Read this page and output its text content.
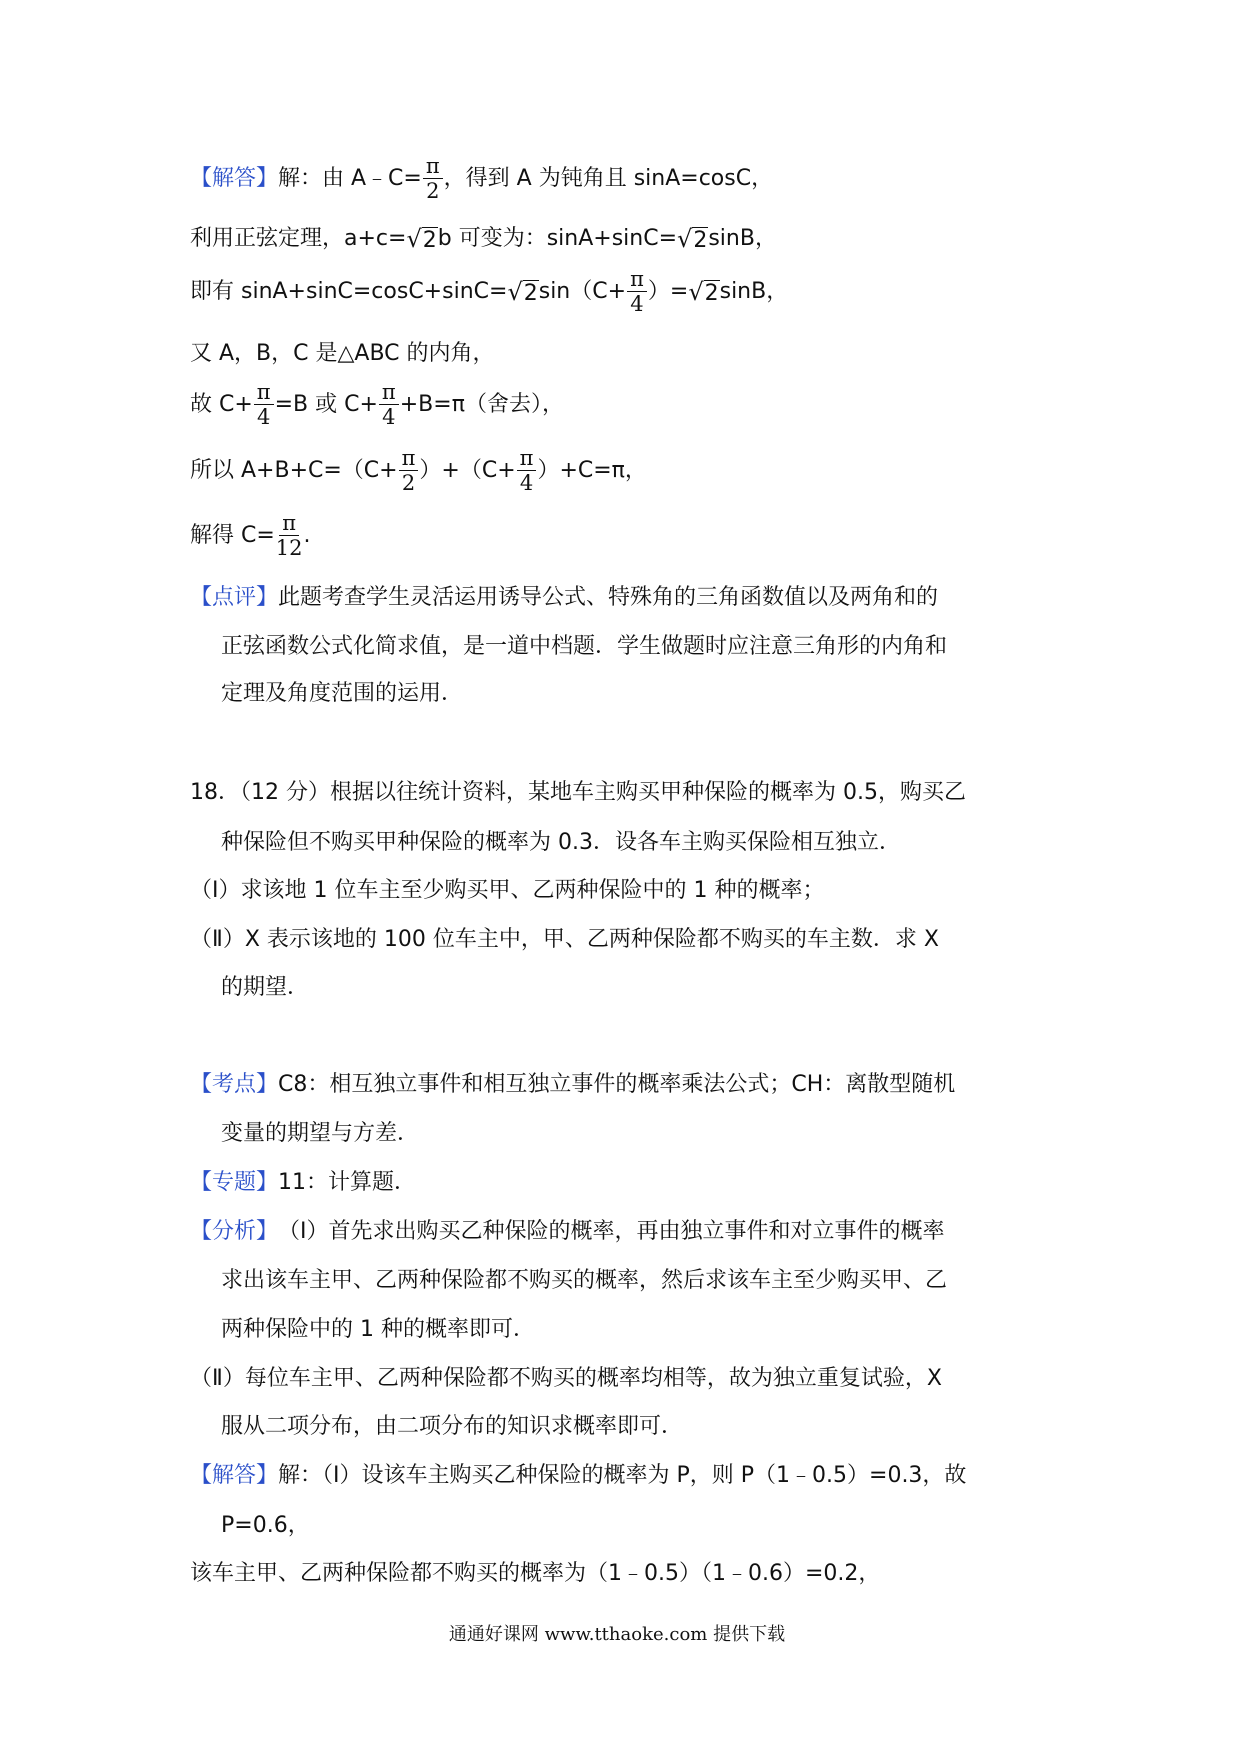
【解答】 解：由 A﹣C= $\frac{\pi}{2}$ ，得到 A 为钝角且 sinA=cosC，
利用正弦定理，a+c= √2 b 可变为：sinA+sinC= √2 sinB，
即有 sinA+sinC=cosC+sinC= √2 $\sin(C+ \frac{\pi}{4}$ ）= √2 sinB，
又 A，B，C 是△ABC 的内角，
故 $C+ \frac{\pi}{4} =B$ 或 $C+ \frac{\pi}{4} +B=\pi$（舍去），
所以 $A+B+C=(C+ \frac{\pi}{2} )+(C+ \frac{\pi}{4} )+C=\pi$，
解得 $C= \frac{\pi}{12}$ .
【点评】 此题考查学生灵活运用诱导公式、特殊角的三角函数值以及两角和的
正弦函数公式化简求值，是一道中档题．学生做题时应注意三角形的内角和
定理及角度范围的运用．
18．（12 分）根据以往统计资料，某地车主购买甲种保险的概率为 0.5，购买乙
种保险但不购买甲种保险的概率为 0.3．设各车主购买保险相互独立．
（Ⅰ）求该地 1 位车主至少购买甲、乙两种保险中的 1 种的概率；
（Ⅱ）X 表示该地的 100 位车主中，甲、乙两种保险都不购买的车主数．求 X
的期望．
【考点】 C8：相互独立事件和相互独立事件的概率乘法公式；CH：离散型随机
变量的期望与方差．
【专题】 11：计算题．
【分析】 （Ⅰ）首先求出购买乙种保险的概率，再由独立事件和对立事件的概率
求出该车主甲、乙两种保险都不购买的概率，然后求该车主至少购买甲、乙
两种保险中的 1 种的概率即可．
（Ⅱ）每位车主甲、乙两种保险都不购买的概率均相等，故为独立重复试验，X
服从二项分布，由二项分布的知识求概率即可．
【解答】 解：（Ⅰ）设该车主购买乙种保险的概率为 P，则 P（1﹣0.5）=0.3，故
P=0.6，
该车主甲、乙两种保险都不购买的概率为（1﹣0.5）（1﹣0.6）=0.2，
通通好课网 www.tthaoke.com 提供下载
